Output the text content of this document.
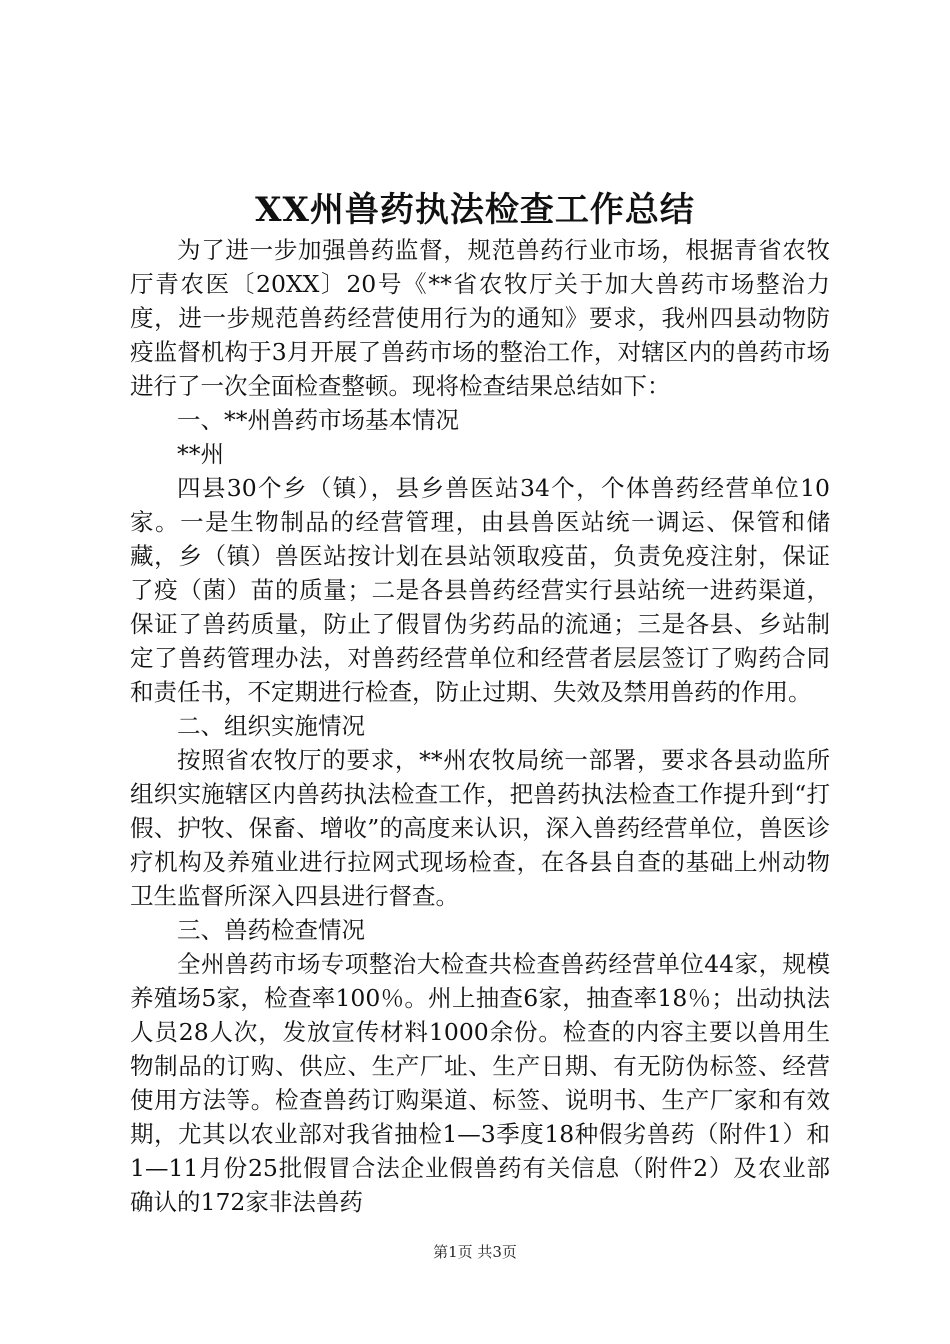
XX州兽药执法检查工作总结

为了进一步加强兽药监督，规范兽药行业市场，根据青省农牧厅青农医〔20XX〕20号《**省农牧厅关于加大兽药市场整治力度，进一步规范兽药经营使用行为的通知》要求，我州四县动物防疫监督机构于3月开展了兽药市场的整治工作，对辖区内的兽药市场进行了一次全面检查整顿。现将检查结果总结如下：

一、**州兽药市场基本情况

**州

四县30个乡（镇），县乡兽医站34个，个体兽药经营单位10家。一是生物制品的经营管理，由县兽医站统一调运、保管和储藏，乡（镇）兽医站按计划在县站领取疫苗，负责免疫注射，保证了疫（菌）苗的质量；二是各县兽药经营实行县站统一进药渠道，保证了兽药质量，防止了假冒伪劣药品的流通；三是各县、乡站制定了兽药管理办法，对兽药经营单位和经营者层层签订了购药合同和责任书，不定期进行检查，防止过期、失效及禁用兽药的作用。

二、组织实施情况

按照省农牧厅的要求，**州农牧局统一部署，要求各县动监所组织实施辖区内兽药执法检查工作，把兽药执法检查工作提升到“打假、护牧、保畜、增收”的高度来认识，深入兽药经营单位，兽医诊疗机构及养殖业进行拉网式现场检查，在各县自查的基础上州动物卫生监督所深入四县进行督查。

三、兽药检查情况

全州兽药市场专项整治大检查共检查兽药经营单位44家，规模养殖场5家，检查率100％。州上抽查6家，抽查率18％；出动执法人员28人次，发放宣传材料1000余份。检查的内容主要以兽用生物制品的订购、供应、生产厂址、生产日期、有无防伪标签、经营使用方法等。检查兽药订购渠道、标签、说明书、生产厂家和有效期，尤其以农业部对我省抽检1—3季度18种假劣兽药（附件1）和1—11月份25批假冒合法企业假兽药有关信息（附件2）及农业部确认的172家非法兽药

第1页 共3页
